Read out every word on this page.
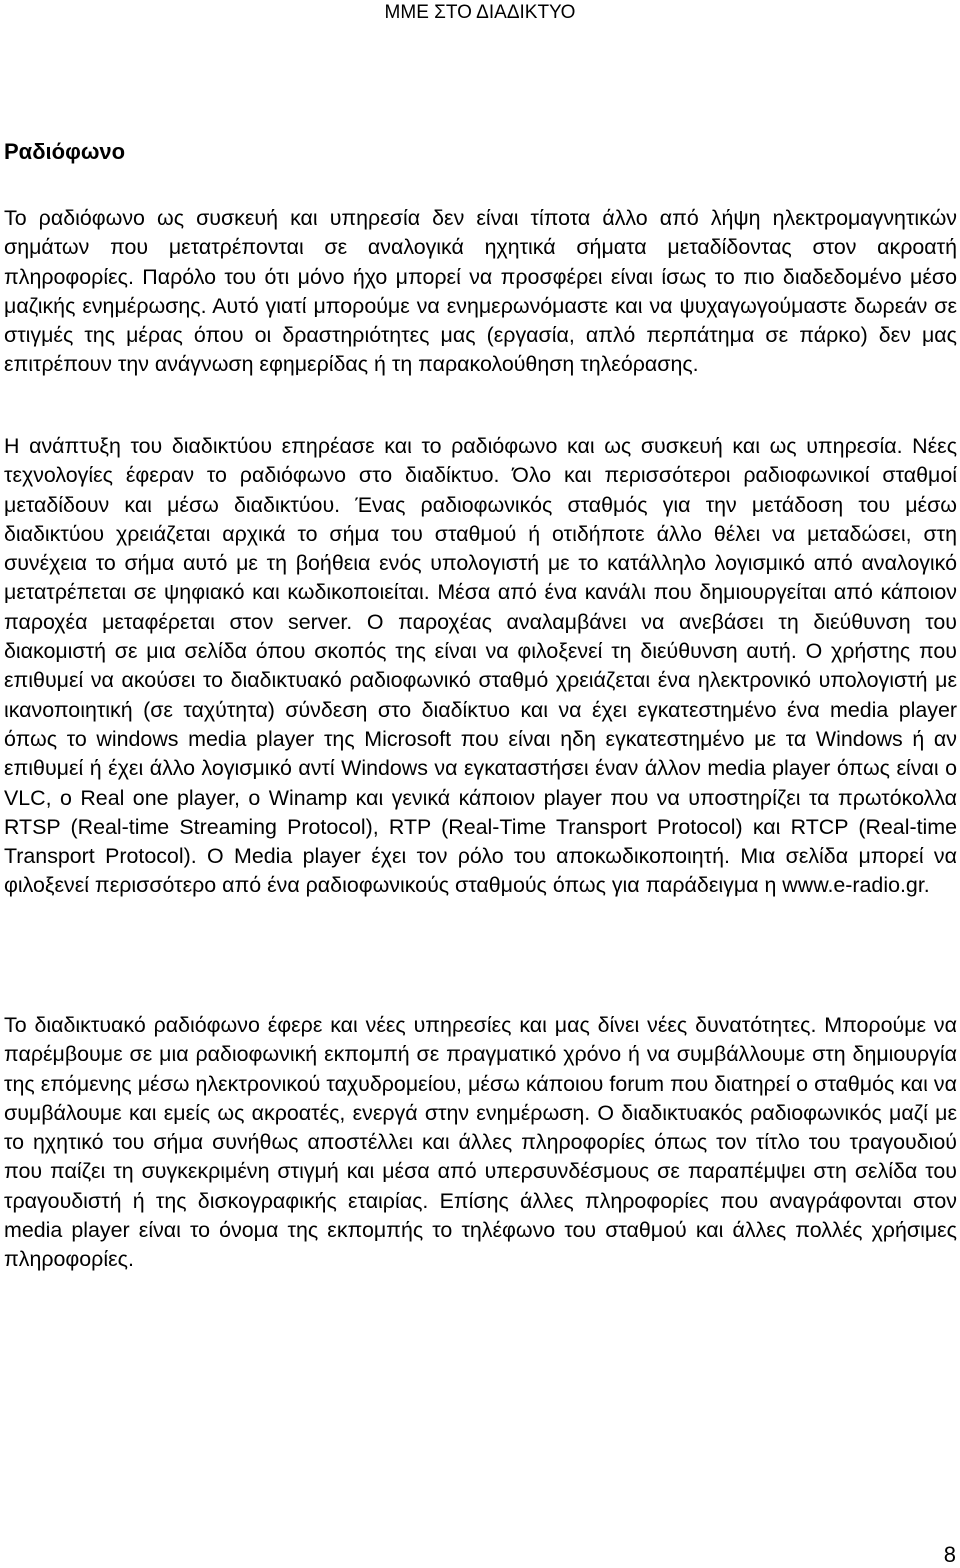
ΜΜΕ ΣΤΟ ΔΙΑΔΙΚΤΥΟ
Ραδιόφωνο

Το ραδιόφωνο ως συσκευή και υπηρεσία δεν είναι τίποτα άλλο από λήψη ηλεκτρομαγνητικών σημάτων που μετατρέπονται σε αναλογικά ηχητικά σήματα μεταδίδοντας στον ακροατή πληροφορίες. Παρόλο του ότι μόνο ήχο μπορεί να προσφέρει είναι ίσως το πιο διαδεδομένο μέσο μαζικής ενημέρωσης. Αυτό γιατί μπορούμε να ενημερωνόμαστε και να ψυχαγωγούμαστε δωρεάν σε στιγμές της μέρας όπου οι δραστηριότητες μας (εργασία, απλό περπάτημα σε πάρκο) δεν μας επιτρέπουν την ανάγνωση εφημερίδας ή τη παρακολούθηση τηλεόρασης.

Η ανάπτυξη του διαδικτύου επηρέασε και το ραδιόφωνο και ως συσκευή και ως υπηρεσία. Νέες τεχνολογίες έφεραν το ραδιόφωνο στο διαδίκτυο. Όλο και περισσότεροι ραδιοφωνικοί σταθμοί μεταδίδουν και μέσω διαδικτύου. Ένας ραδιοφωνικός σταθμός για την μετάδοση του μέσω διαδικτύου χρειάζεται αρχικά το σήμα του σταθμού ή οτιδήποτε άλλο θέλει να μεταδώσει, στη συνέχεια το σήμα αυτό με τη βοήθεια ενός υπολογιστή με το κατάλληλο λογισμικό από αναλογικό μετατρέπεται σε ψηφιακό και κωδικοποιείται. Μέσα από ένα κανάλι που δημιουργείται από κάποιον παροχέα μεταφέρεται στον server. Ο παροχέας αναλαμβάνει να ανεβάσει τη διεύθυνση του διακομιστή σε μια σελίδα όπου σκοπός της είναι να φιλοξενεί τη διεύθυνση αυτή. Ο χρήστης που επιθυμεί να ακούσει το διαδικτυακό ραδιοφωνικό σταθμό χρειάζεται ένα ηλεκτρονικό υπολογιστή με ικανοποιητική (σε ταχύτητα) σύνδεση στο διαδίκτυο και να έχει εγκατεστημένο ένα media player όπως το windows media player της Microsoft που είναι ηδη εγκατεστημένο με τα Windows ή αν επιθυμεί ή έχει άλλο λογισμικό αντί Windows να εγκαταστήσει έναν άλλον media player όπως είναι ο VLC, ο Real one player, ο Winamp και γενικά κάποιον player που να υποστηρίζει τα πρωτόκολλα RTSP (Real-time Streaming Protocol), RTP (Real-Time Transport Protocol) και RTCP (Real-time Transport Protocol). O Media player έχει τον ρόλο του αποκωδικοποιητή. Μια σελίδα μπορεί να φιλοξενεί περισσότερο από ένα ραδιοφωνικούς σταθμούς όπως για παράδειγμα η www.e-radio.gr.

Το διαδικτυακό ραδιόφωνο έφερε και νέες υπηρεσίες και μας δίνει νέες δυνατότητες. Μπορούμε να παρέμβουμε σε μια ραδιοφωνική εκπομπή σε πραγματικό χρόνο ή να συμβάλλουμε στη δημιουργία της επόμενης μέσω ηλεκτρονικού ταχυδρομείου, μέσω κάποιου forum που διατηρεί ο σταθμός και να συμβάλουμε και εμείς ως ακροατές, ενεργά στην ενημέρωση. Ο διαδικτυακός ραδιοφωνικός μαζί με το ηχητικό του σήμα συνήθως αποστέλλει και άλλες πληροφορίες όπως τον τίτλο του τραγουδιού που παίζει τη συγκεκριμένη στιγμή και μέσα από υπερσυνδέσμους σε παραπέμψει στη σελίδα του τραγουδιστή ή της δισκογραφικής εταιρίας. Επίσης άλλες πληροφορίες που αναγράφονται στον media player είναι το όνομα της εκπομπής το τηλέφωνο του σταθμού και άλλες πολλές χρήσιμες πληροφορίες.

8
